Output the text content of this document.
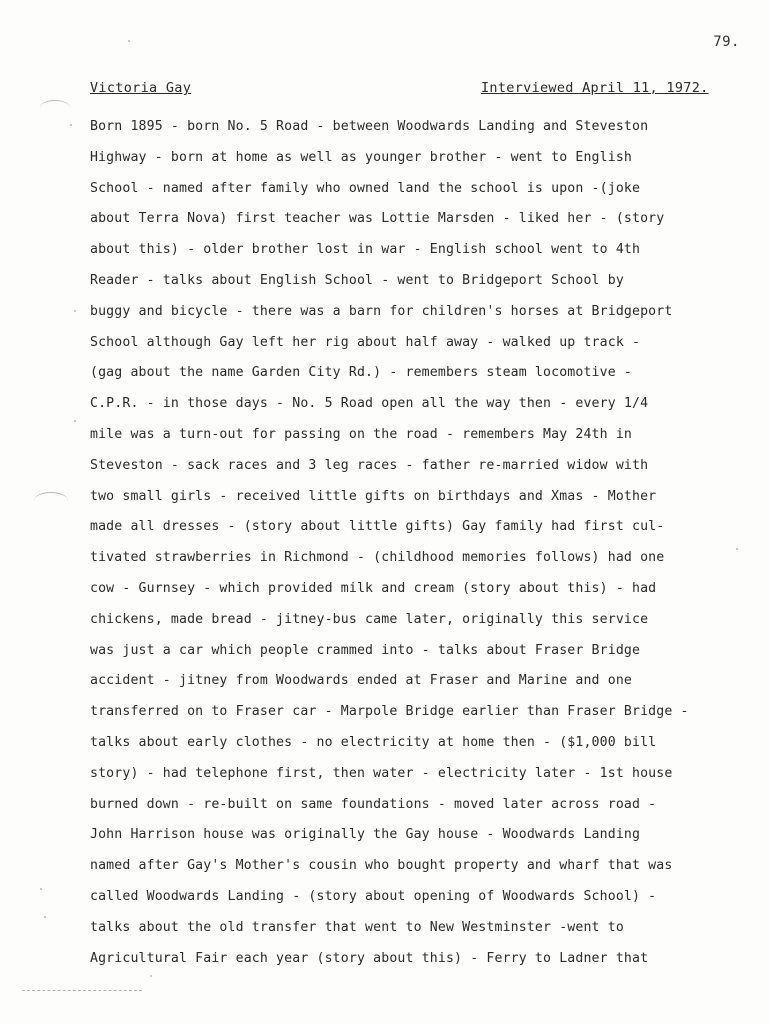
79.
Victoria Gay	Interviewed April 11, 1972.
Born 1895 - born No. 5 Road - between Woodwards Landing and Steveston
Highway - born at home as well as younger brother - went to English
School - named after family who owned land the school is upon -(joke
about Terra Nova) first teacher was Lottie Marsden - liked her - (story
about this) - older brother lost in war - English school went to 4th
Reader - talks about English School - went to Bridgeport School by
buggy and bicycle - there was a barn for children's horses at Bridgeport
School although Gay left her rig about half away - walked up track -
(gag about the name Garden City Rd.) - remembers steam locomotive -
C.P.R. - in those days - No. 5 Road open all the way then - every 1/4
mile was a turn-out for passing on the road - remembers May 24th in
Steveston - sack races and 3 leg races - father re-married widow with
two small girls - received little gifts on birthdays and Xmas - Mother
made all dresses - (story about little gifts) Gay family had first cul-
tivated strawberries in Richmond - (childhood memories follows) had one
cow - Gurnsey - which provided milk and cream (story about this) - had
chickens, made bread - jitney-bus came later, originally this service
was just a car which people crammed into - talks about Fraser Bridge
accident - jitney from Woodwards ended at Fraser and Marine and one
transferred on to Fraser car - Marpole Bridge earlier than Fraser Bridge -
talks about early clothes - no electricity at home then - ($1,000 bill
story) - had telephone first, then water - electricity later - 1st house
burned down - re-built on same foundations - moved later across road -
John Harrison house was originally the Gay house - Woodwards Landing
named after Gay's Mother's cousin who bought property and wharf that was
called Woodwards Landing - (story about opening of Woodwards School) -
talks about the old transfer that went to New Westminster -went to
Agricultural Fair each year (story about this) - Ferry to Ladner that
